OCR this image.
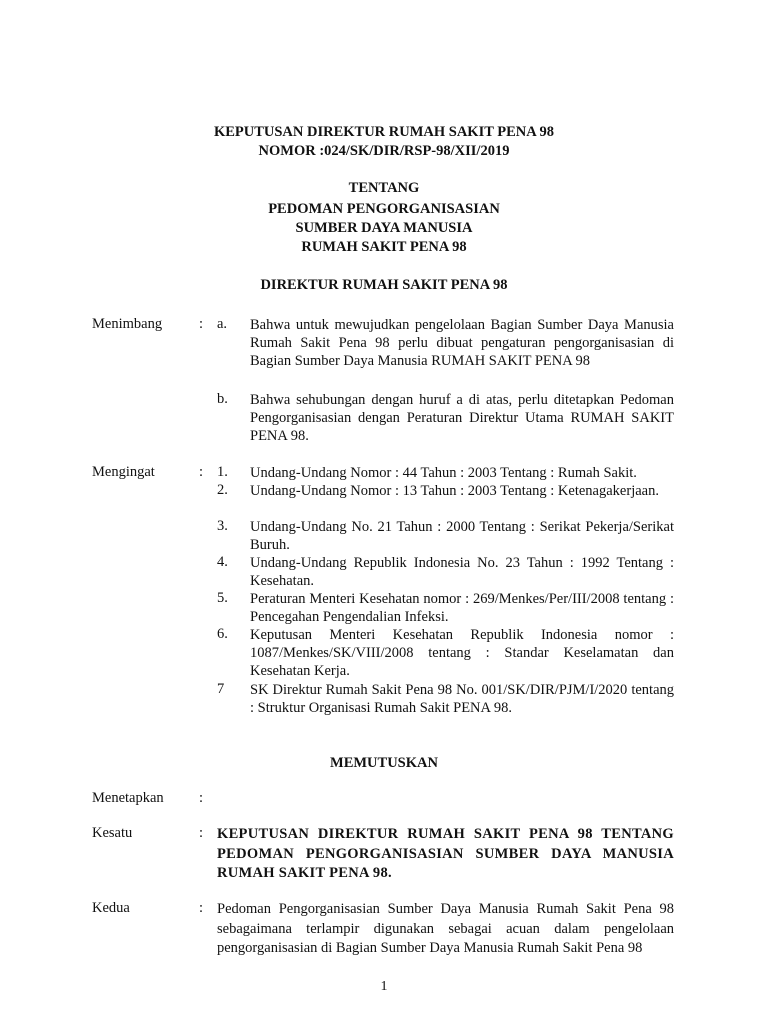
KEPUTUSAN DIREKTUR RUMAH SAKIT PENA 98
NOMOR :024/SK/DIR/RSP-98/XII/2019
TENTANG
PEDOMAN PENGORGANISASIAN
SUMBER DAYA MANUSIA
RUMAH SAKIT PENA 98
DIREKTUR RUMAH SAKIT PENA 98
Menimbang	: a. Bahwa untuk mewujudkan pengelolaan Bagian Sumber Daya Manusia Rumah Sakit Pena 98 perlu dibuat pengaturan pengorganisasian di Bagian Sumber Daya Manusia RUMAH SAKIT PENA 98
b. Bahwa sehubungan dengan huruf a di atas, perlu ditetapkan Pedoman Pengorganisasian dengan Peraturan Direktur Utama RUMAH SAKIT PENA 98.
Mengingat	: 1. Undang-Undang Nomor : 44 Tahun : 2003 Tentang : Rumah Sakit.
2. Undang-Undang Nomor : 13 Tahun : 2003 Tentang : Ketenagakerjaan.
3. Undang-Undang No. 21 Tahun : 2000 Tentang : Serikat Pekerja/Serikat Buruh.
4. Undang-Undang Republik Indonesia No. 23 Tahun : 1992 Tentang : Kesehatan.
5. Peraturan Menteri Kesehatan nomor : 269/Menkes/Per/III/2008 tentang : Pencegahan Pengendalian Infeksi.
6. Keputusan Menteri Kesehatan Republik Indonesia nomor : 1087/Menkes/SK/VIII/2008 tentang : Standar Keselamatan dan Kesehatan Kerja.
7 SK Direktur Rumah Sakit Pena 98 No. 001/SK/DIR/PJM/I/2020 tentang : Struktur Organisasi Rumah Sakit PENA 98.
MEMUTUSKAN
Menetapkan :
Kesatu	: KEPUTUSAN DIREKTUR RUMAH SAKIT PENA 98 TENTANG PEDOMAN PENGORGANISASIAN SUMBER DAYA MANUSIA RUMAH SAKIT PENA 98.
Kedua	: Pedoman Pengorganisasian Sumber Daya Manusia Rumah Sakit Pena 98 sebagaimana terlampir digunakan sebagai acuan dalam pengelolaan pengorganisasian di Bagian Sumber Daya Manusia Rumah Sakit Pena 98
1
